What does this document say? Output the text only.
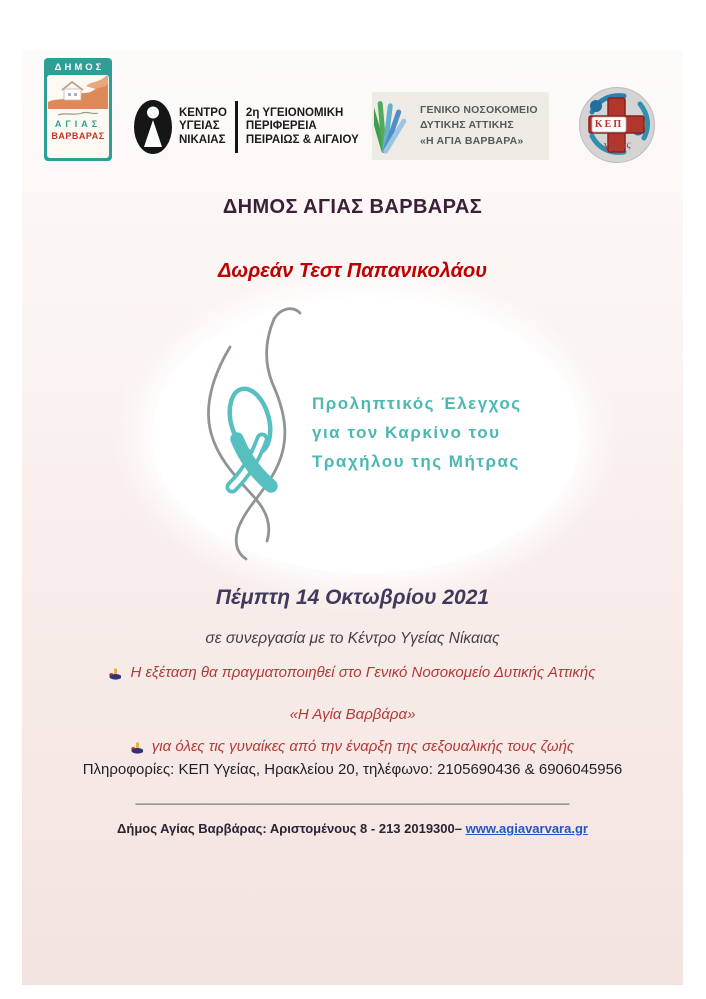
ΔΗΜΟΣ
ΑΓΙΑΣ
ΒΑΡΒΑΡΑΣ
ΚΕΝΤΡΟ
ΥΓΕΙΑΣ
ΝΙΚΑΙΑΣ
2η ΥΓΕΙΟΝΟΜΙΚΗ
ΠΕΡΙΦΕΡΕΙΑ
ΠΕΙΡΑΙΩΣ & ΑΙΓΑΙΟΥ
ΓΕΝΙΚΟ ΝΟΣΟΚΟΜΕΙΟ
ΔΥΤΙΚΗΣ ΑΤΤΙΚΗΣ
«Η ΑΓΙΑ ΒΑΡΒΑΡΑ»
ΚΕΠ
Υγείας
ΔΗΜΟΣ ΑΓΙΑΣ ΒΑΡΒΑΡΑΣ
Δωρεάν Τεστ Παπανικολάου
Προληπτικός Έλεγχος
για τον Καρκίνο του
Τραχήλου της Μήτρας
Πέμπτη 14 Οκτωβρίου 2021
σε συνεργασία με το Κέντρο Υγείας Νίκαιας
Η εξέταση θα πραγματοποιηθεί στο Γενικό Νοσοκομείο Δυτικής Αττικής
«Η Αγία Βαρβάρα»
για όλες τις γυναίκες από την έναρξη της σεξουαλικής τους ζωής
Πληροφορίες: ΚΕΠ Υγείας, Ηρακλείου 20, τηλέφωνο: 2105690436 & 6906045956
____________________________________________________________
Δήμος Αγίας Βαρβάρας: Αριστομένους 8 - 213 2019300– www.agiavarvara.gr
